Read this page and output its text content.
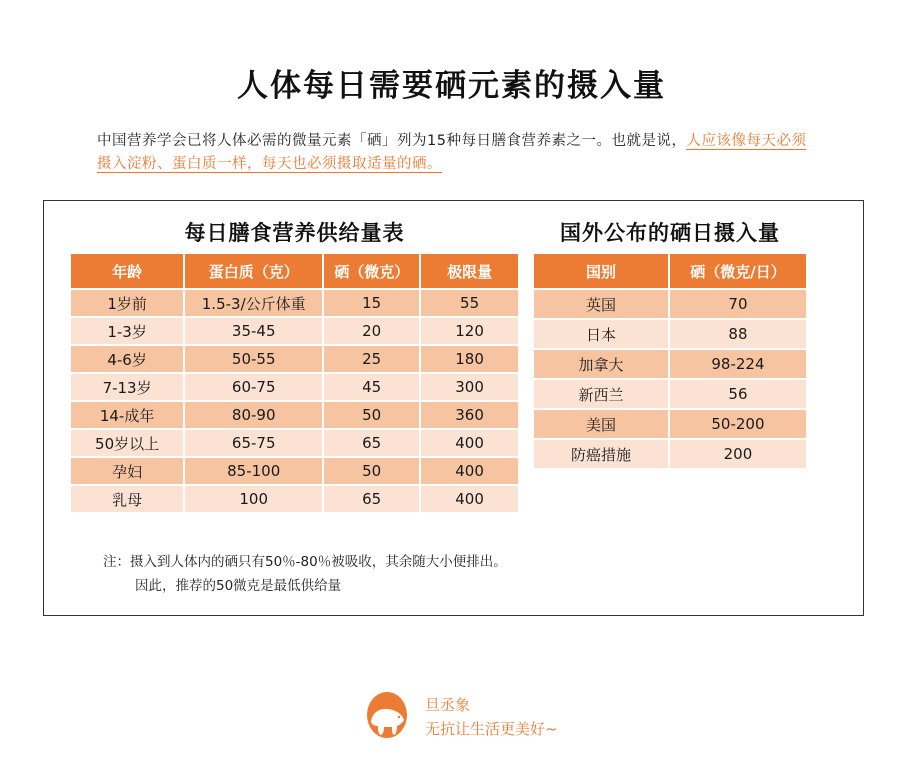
人体每日需要硒元素的摄入量
中国营养学会已将人体必需的微量元素「硒」列为15种每日膳食营养素之一。也就是说，人应该像每天必须摄入淀粉、蛋白质一样，每天也必须摄取适量的硒。
每日膳食营养供给量表	国外公布的硒日摄入量
年龄	蛋白质（克）	硒（微克）	极限量
1岁前	1.5-3/公斤体重	15	55
1-3岁	35-45	20	120
4-6岁	50-55	25	180
7-13岁	60-75	45	300
14-成年	80-90	50	360
50岁以上	65-75	65	400
孕妇	85-100	50	400
乳母	100	65	400
国别	硒（微克/日）
英国	70
日本	88
加拿大	98-224
新西兰	56
美国	50-200
防癌措施	200
注：摄入到人体内的硒只有50％-80％被吸收，其余随大小便排出。
因此，推荐的50微克是最低供给量
旦丞象
无抗让生活更美好~
